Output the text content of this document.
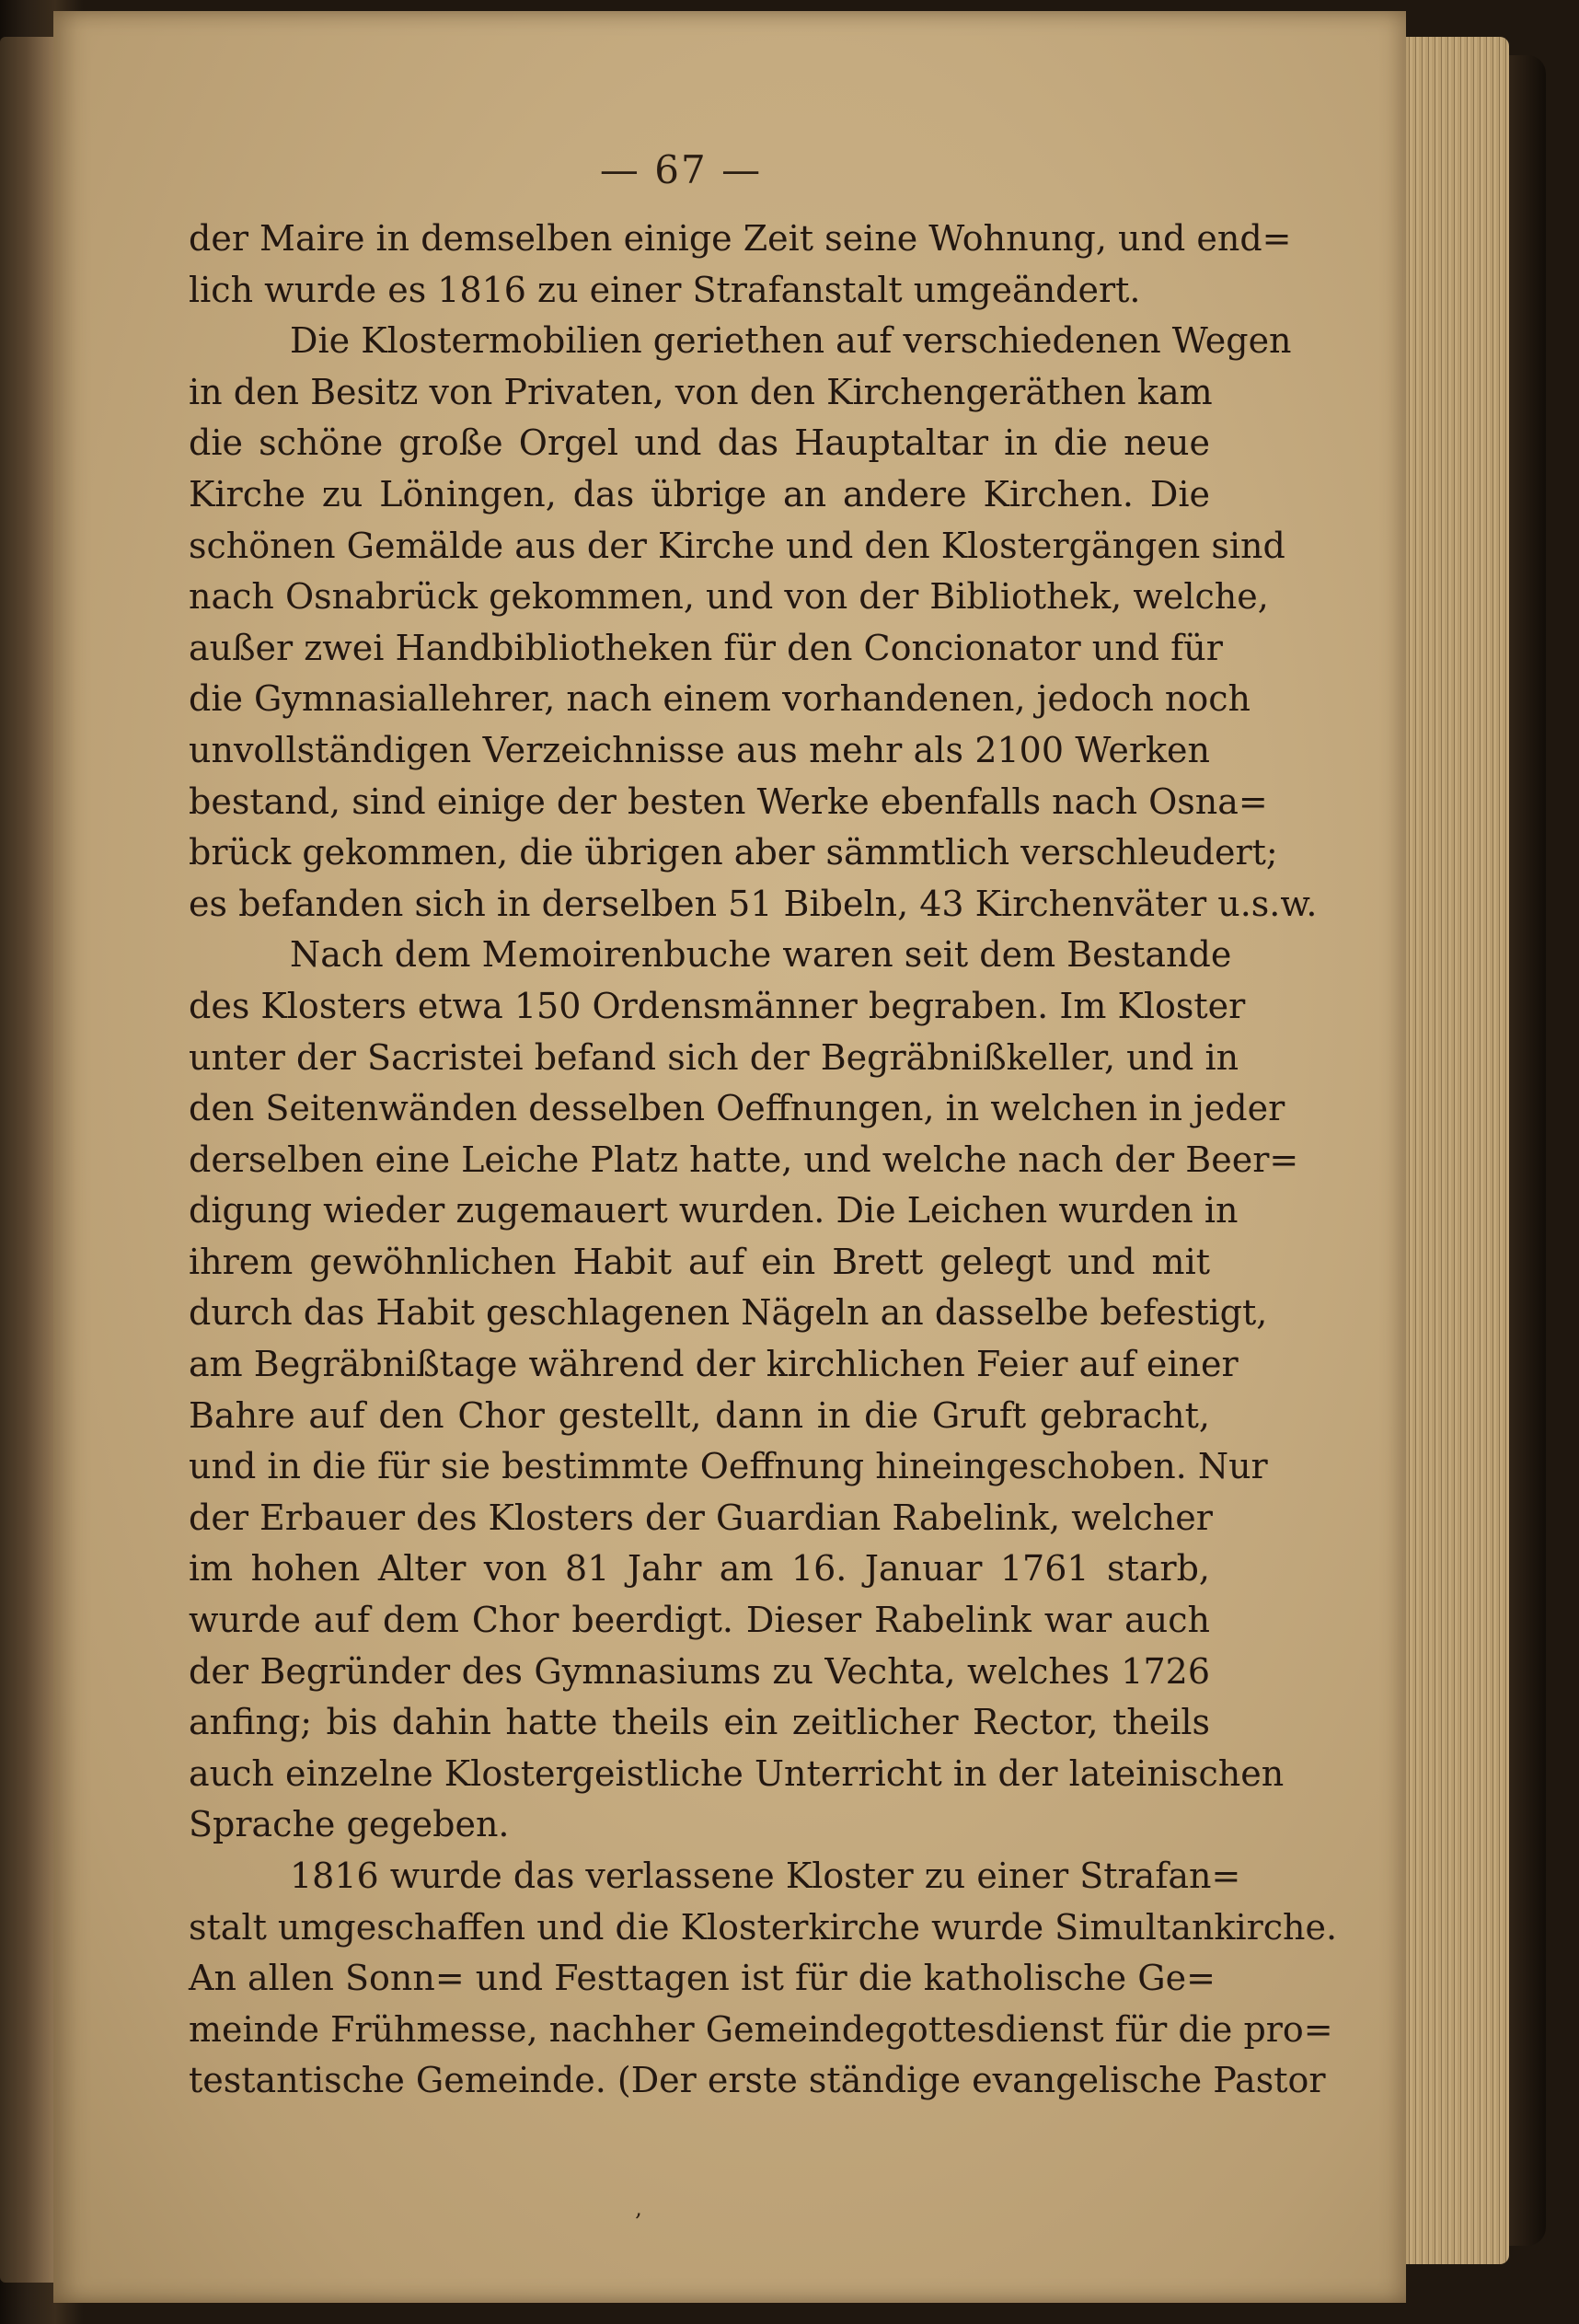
— 67 —
der Maire in demselben einige Zeit seine Wohnung, und end=
lich wurde es 1816 zu einer Strafanstalt umgeändert.
Die Klostermobilien geriethen auf verschiedenen Wegen
in den Besitz von Privaten, von den Kirchengeräthen kam
die schöne große Orgel und das Hauptaltar in die neue
Kirche zu Löningen, das übrige an andere Kirchen. Die
schönen Gemälde aus der Kirche und den Klostergängen sind
nach Osnabrück gekommen, und von der Bibliothek, welche,
außer zwei Handbibliotheken für den Concionator und für
die Gymnasiallehrer, nach einem vorhandenen, jedoch noch
unvollständigen Verzeichnisse aus mehr als 2100 Werken
bestand, sind einige der besten Werke ebenfalls nach Osna=
brück gekommen, die übrigen aber sämmtlich verschleudert;
es befanden sich in derselben 51 Bibeln, 43 Kirchenväter u.s.w.
Nach dem Memoirenbuche waren seit dem Bestande
des Klosters etwa 150 Ordensmänner begraben. Im Kloster
unter der Sacristei befand sich der Begräbnißkeller, und in
den Seitenwänden desselben Oeffnungen, in welchen in jeder
derselben eine Leiche Platz hatte, und welche nach der Beer=
digung wieder zugemauert wurden. Die Leichen wurden in
ihrem gewöhnlichen Habit auf ein Brett gelegt und mit
durch das Habit geschlagenen Nägeln an dasselbe befestigt,
am Begräbnißtage während der kirchlichen Feier auf einer
Bahre auf den Chor gestellt, dann in die Gruft gebracht,
und in die für sie bestimmte Oeffnung hineingeschoben. Nur
der Erbauer des Klosters der Guardian Rabelink, welcher
im hohen Alter von 81 Jahr am 16. Januar 1761 starb,
wurde auf dem Chor beerdigt. Dieser Rabelink war auch
der Begründer des Gymnasiums zu Vechta, welches 1726
anfing; bis dahin hatte theils ein zeitlicher Rector, theils
auch einzelne Klostergeistliche Unterricht in der lateinischen
Sprache gegeben.
1816 wurde das verlassene Kloster zu einer Strafan=
stalt umgeschaffen und die Klosterkirche wurde Simultankirche.
An allen Sonn= und Festtagen ist für die katholische Ge=
meinde Frühmesse, nachher Gemeindegottesdienst für die pro=
testantische Gemeinde. (Der erste ständige evangelische Pastor
‚
